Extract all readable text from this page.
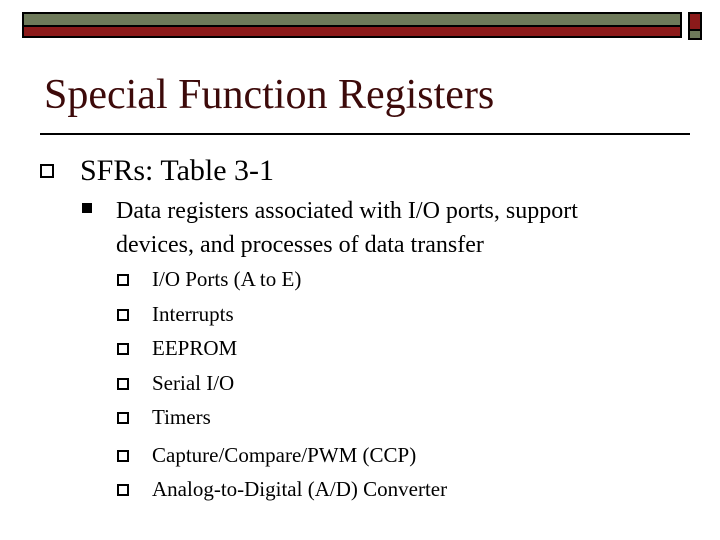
Special Function Registers
SFRs: Table 3-1
Data registers associated with I/O ports, support
devices, and processes of data transfer
I/O Ports (A to E)
Interrupts
EEPROM
Serial I/O
Timers
Capture/Compare/PWM (CCP)
Analog-to-Digital (A/D) Converter
